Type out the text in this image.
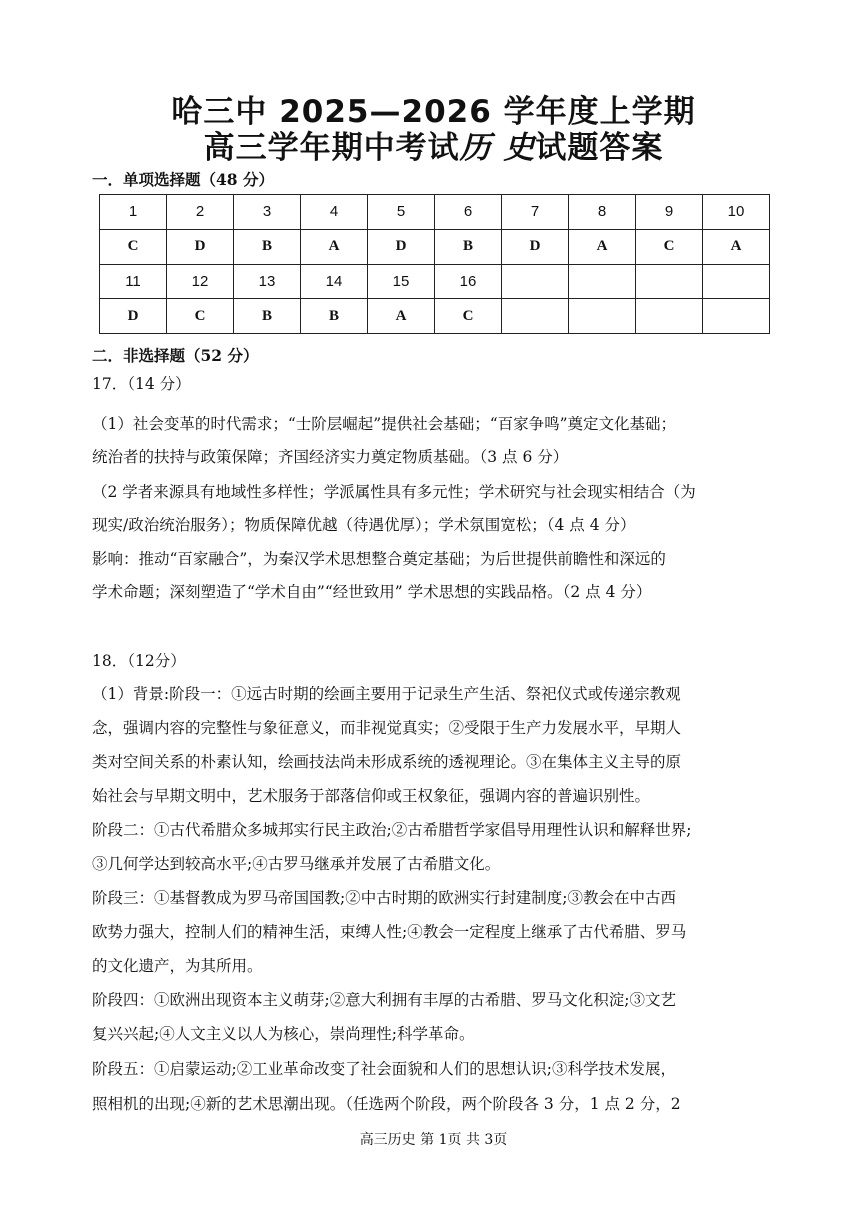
哈三中 2025—2026 学年度上学期
高三学年期中考试历 史试题答案
一．单项选择题（48 分）
1	2	3	4	5	6	7	8	9	10
C	D	B	A	D	B	D	A	C	A
11	12	13	14	15	16				
D	C	B	B	A	C				
二．非选择题（52 分）
17．（14 分）
（1）社会变革的时代需求；“士阶层崛起”提供社会基础；“百家争鸣”奠定文化基础；
统治者的扶持与政策保障；齐国经济实力奠定物质基础。（3 点 6 分）
（2 学者来源具有地域性多样性；学派属性具有多元性；学术研究与社会现实相结合（为
现实/政治统治服务）；物质保障优越（待遇优厚）；学术氛围宽松；（4 点 4 分）
影响：推动“百家融合”，为秦汉学术思想整合奠定基础；为后世提供前瞻性和深远的
学术命题；深刻塑造了“学术自由”“经世致用” 学术思想的实践品格。（2 点 4 分）
18．（12分）
（1）背景:阶段一：①远古时期的绘画主要用于记录生产生活、祭祀仪式或传递宗教观
念，强调内容的完整性与象征意义，而非视觉真实；②受限于生产力发展水平，早期人
类对空间关系的朴素认知，绘画技法尚未形成系统的透视理论。③在集体主义主导的原
始社会与早期文明中，艺术服务于部落信仰或王权象征，强调内容的普遍识别性。
阶段二：①古代希腊众多城邦实行民主政治;②古希腊哲学家倡导用理性认识和解释世界;
③几何学达到较高水平;④古罗马继承并发展了古希腊文化。
阶段三：①基督教成为罗马帝国国教;②中古时期的欧洲实行封建制度;③教会在中古西
欧势力强大，控制人们的精神生活，束缚人性;④教会一定程度上继承了古代希腊、罗马
的文化遗产，为其所用。
阶段四：①欧洲出现资本主义萌芽;②意大利拥有丰厚的古希腊、罗马文化积淀;③文艺
复兴兴起;④人文主义以人为核心，崇尚理性;科学革命。
阶段五：①启蒙运动;②工业革命改变了社会面貌和人们的思想认识;③科学技术发展，
照相机的出现;④新的艺术思潮出现。（任选两个阶段，两个阶段各 3 分，1 点 2 分，2
高三历史 第 1页 共 3页
